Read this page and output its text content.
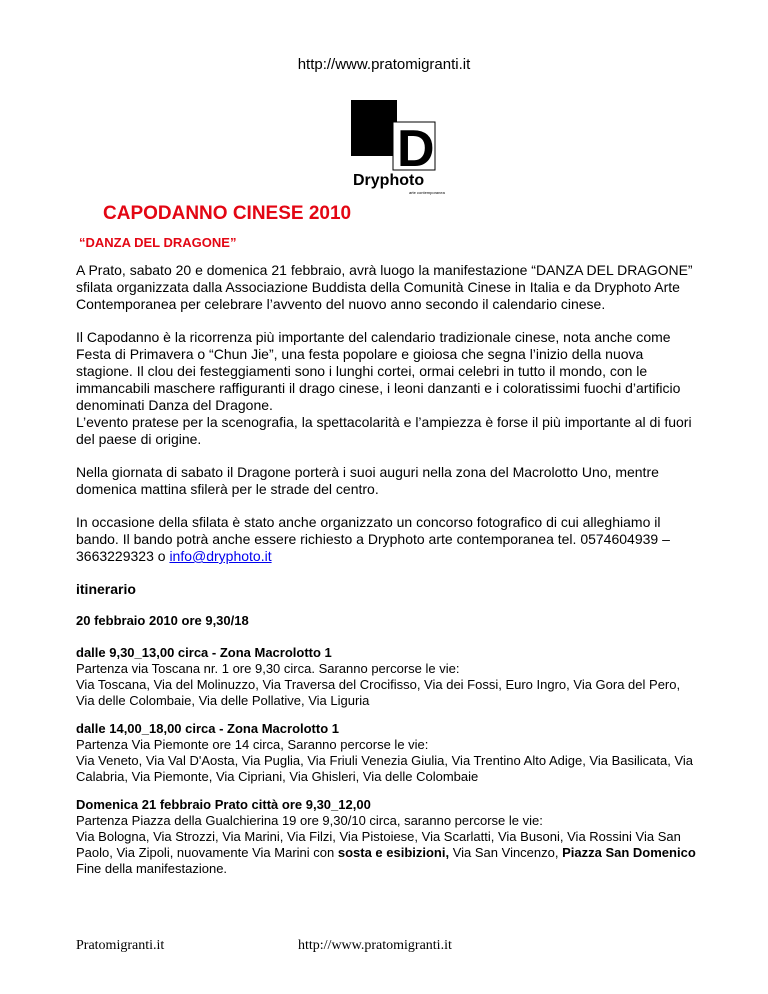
http://www.pratomigranti.it
D
Dryphoto
arte contemporanea
CAPODANNO CINESE 2010
“DANZA DEL DRAGONE”

A Prato, sabato 20 e domenica 21 febbraio, avrà luogo la manifestazione “DANZA DEL DRAGONE” sfilata organizzata dalla Associazione Buddista della Comunità Cinese in Italia e da Dryphoto Arte Contemporanea per celebrare l’avvento del nuovo anno secondo il calendario cinese.

Il Capodanno è la ricorrenza più importante del calendario tradizionale cinese, nota anche come Festa di Primavera o “Chun Jie”, una festa popolare e gioiosa che segna l’inizio della nuova stagione. Il clou dei festeggiamenti sono i lunghi cortei, ormai celebri in tutto il mondo, con le immancabili maschere raffiguranti il drago cinese, i leoni danzanti e i coloratissimi fuochi d’artificio denominati Danza del Dragone.
L’evento pratese per la scenografia, la spettacolarità e l’ampiezza è forse il più importante al di fuori del paese di origine.

Nella giornata di sabato il Dragone porterà i suoi auguri nella zona del Macrolotto Uno, mentre domenica mattina sfilerà per le strade del centro.

In occasione della sfilata è stato anche organizzato un concorso fotografico di cui alleghiamo il bando. Il bando potrà anche essere richiesto a Dryphoto arte contemporanea tel. 0574604939 – 3663229323 o info@dryphoto.it

itinerario
20 febbraio 2010 ore 9,30/18
dalle 9,30_13,00 circa - Zona Macrolotto 1
Partenza via Toscana nr. 1 ore 9,30 circa. Saranno percorse le vie:
Via Toscana, Via del Molinuzzo, Via Traversa del Crocifisso, Via dei Fossi, Euro Ingro, Via Gora del Pero, Via delle Colombaie, Via delle Pollative, Via Liguria
dalle 14,00_18,00 circa - Zona Macrolotto 1
Partenza Via Piemonte ore 14 circa, Saranno percorse le vie:
Via Veneto, Via Val D'Aosta, Via Puglia, Via Friuli Venezia Giulia, Via Trentino Alto Adige, Via Basilicata, Via Calabria, Via Piemonte, Via Cipriani, Via Ghisleri, Via delle Colombaie
Domenica 21 febbraio Prato città ore 9,30_12,00
Partenza Piazza della Gualchierina 19 ore 9,30/10 circa, saranno percorse le vie:
Via Bologna, Via Strozzi, Via Marini, Via Filzi, Via Pistoiese, Via Scarlatti, Via Busoni, Via Rossini Via San Paolo, Via Zipoli, nuovamente Via Marini con sosta e esibizioni, Via San Vincenzo, Piazza San Domenico Fine della manifestazione.
Pratomigranti.it	http://www.pratomigranti.it
